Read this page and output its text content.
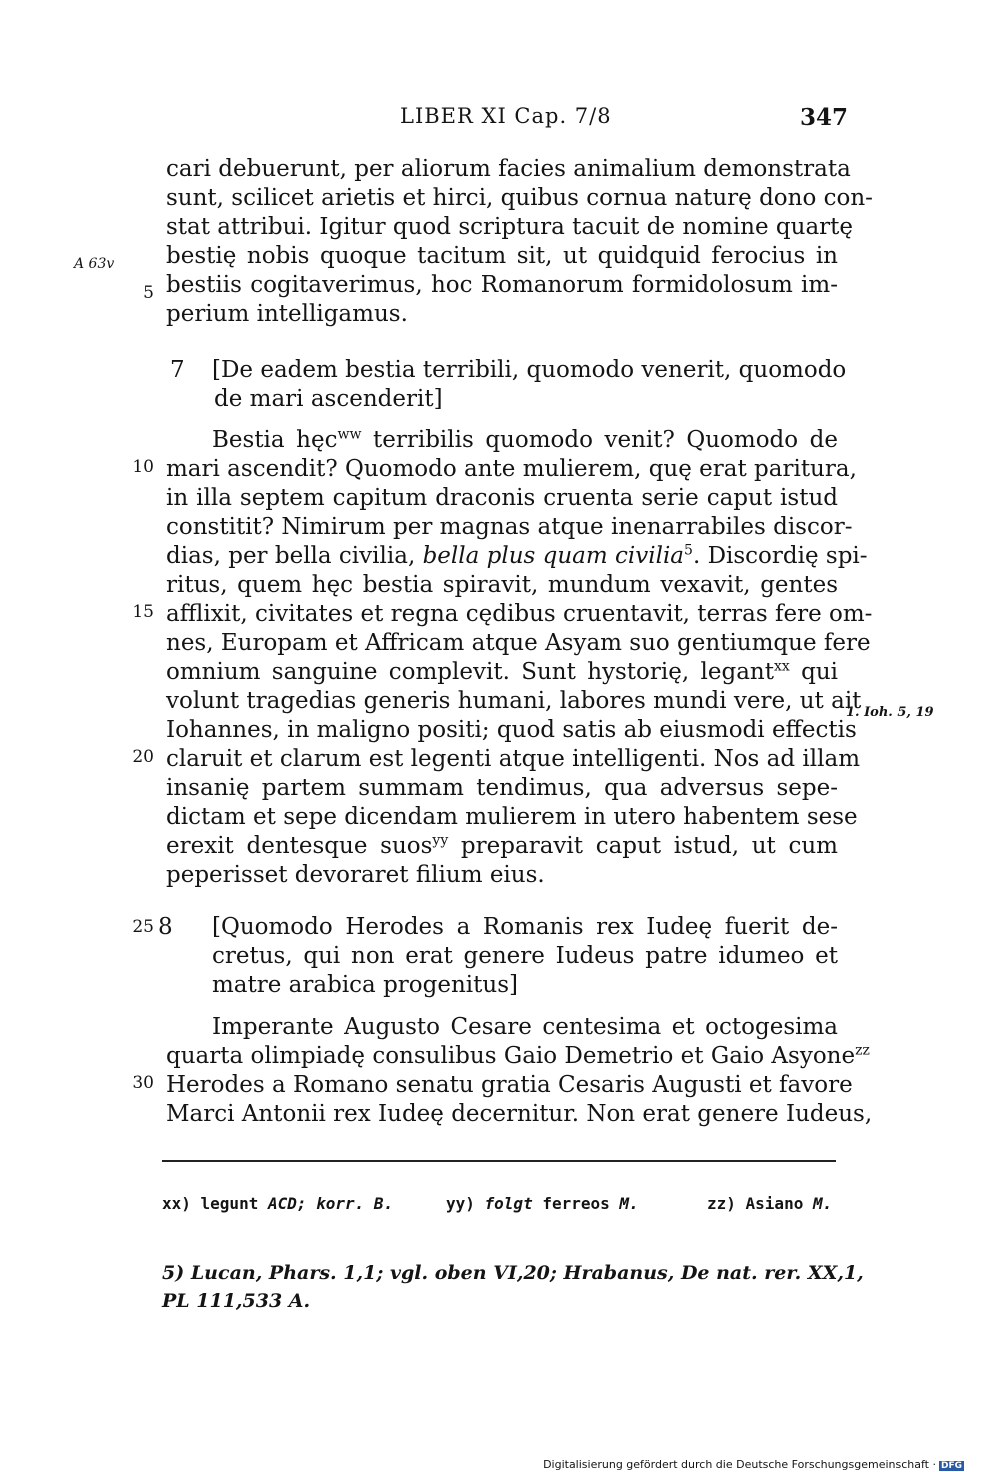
LIBER XI Cap. 7/8	347
A 63v
1. Ioh. 5, 19
5
10
15
20
25
30
7
8
cari debuerunt, per aliorum facies animalium demonstrata
sunt, scilicet arietis et hirci, quibus cornua naturę dono con-
stat attribui. Igitur quod scriptura tacuit de nomine quartę
bestię nobis quoque tacitum sit, ut quidquid ferocius in
bestiis cogitaverimus, hoc Romanorum formidolosum im-
perium intelligamus.
[De eadem bestia terribili, quomodo venerit, quomodo
de mari ascenderit]
Bestia hęc$^{ww}$ terribilis quomodo venit? Quomodo de
mari ascendit? Quomodo ante mulierem, quę erat paritura,
in illa septem capitum draconis cruenta serie caput istud
constitit? Nimirum per magnas atque inenarrabiles discor-
dias, per bella civilia, bella plus quam civilia$^5$. Discordię spi-
ritus, quem hęc bestia spiravit, mundum vexavit, gentes
afflixit, civitates et regna cędibus cruentavit, terras fere om-
nes, Europam et Affricam atque Asyam suo gentiumque fere
omnium sanguine complevit. Sunt hystorię, legant$^{xx}$ qui
volunt tragedias generis humani, labores mundi vere, ut ait
Iohannes, in maligno positi; quod satis ab eiusmodi effectis
claruit et clarum est legenti atque intelligenti. Nos ad illam
insanię partem summam tendimus, qua adversus sepe-
dictam et sepe dicendam mulierem in utero habentem sese
erexit dentesque suos$^{yy}$ preparavit caput istud, ut cum
peperisset devoraret filium eius.
[Quomodo Herodes a Romanis rex Iudeę fuerit de-
cretus, qui non erat genere Iudeus patre idumeo et
matre arabica progenitus]
Imperante Augusto Cesare centesima et octogesima
quarta olimpiadę consulibus Gaio Demetrio et Gaio Asyone$^{zz}$
Herodes a Romano senatu gratia Cesaris Augusti et favore
Marci Antonii rex Iudeę decernitur. Non erat genere Iudeus,
xx) legunt ACD; korr. B.	yy) folgt ferreos M.	zz) Asiano M.
5) Lucan, Phars. 1,1; vgl. oben VI,20; Hrabanus, De nat. rer. XX,1,
PL 111,533 A.
Digitalisierung gefördert durch die Deutsche Forschungsgemeinschaft · DFG
